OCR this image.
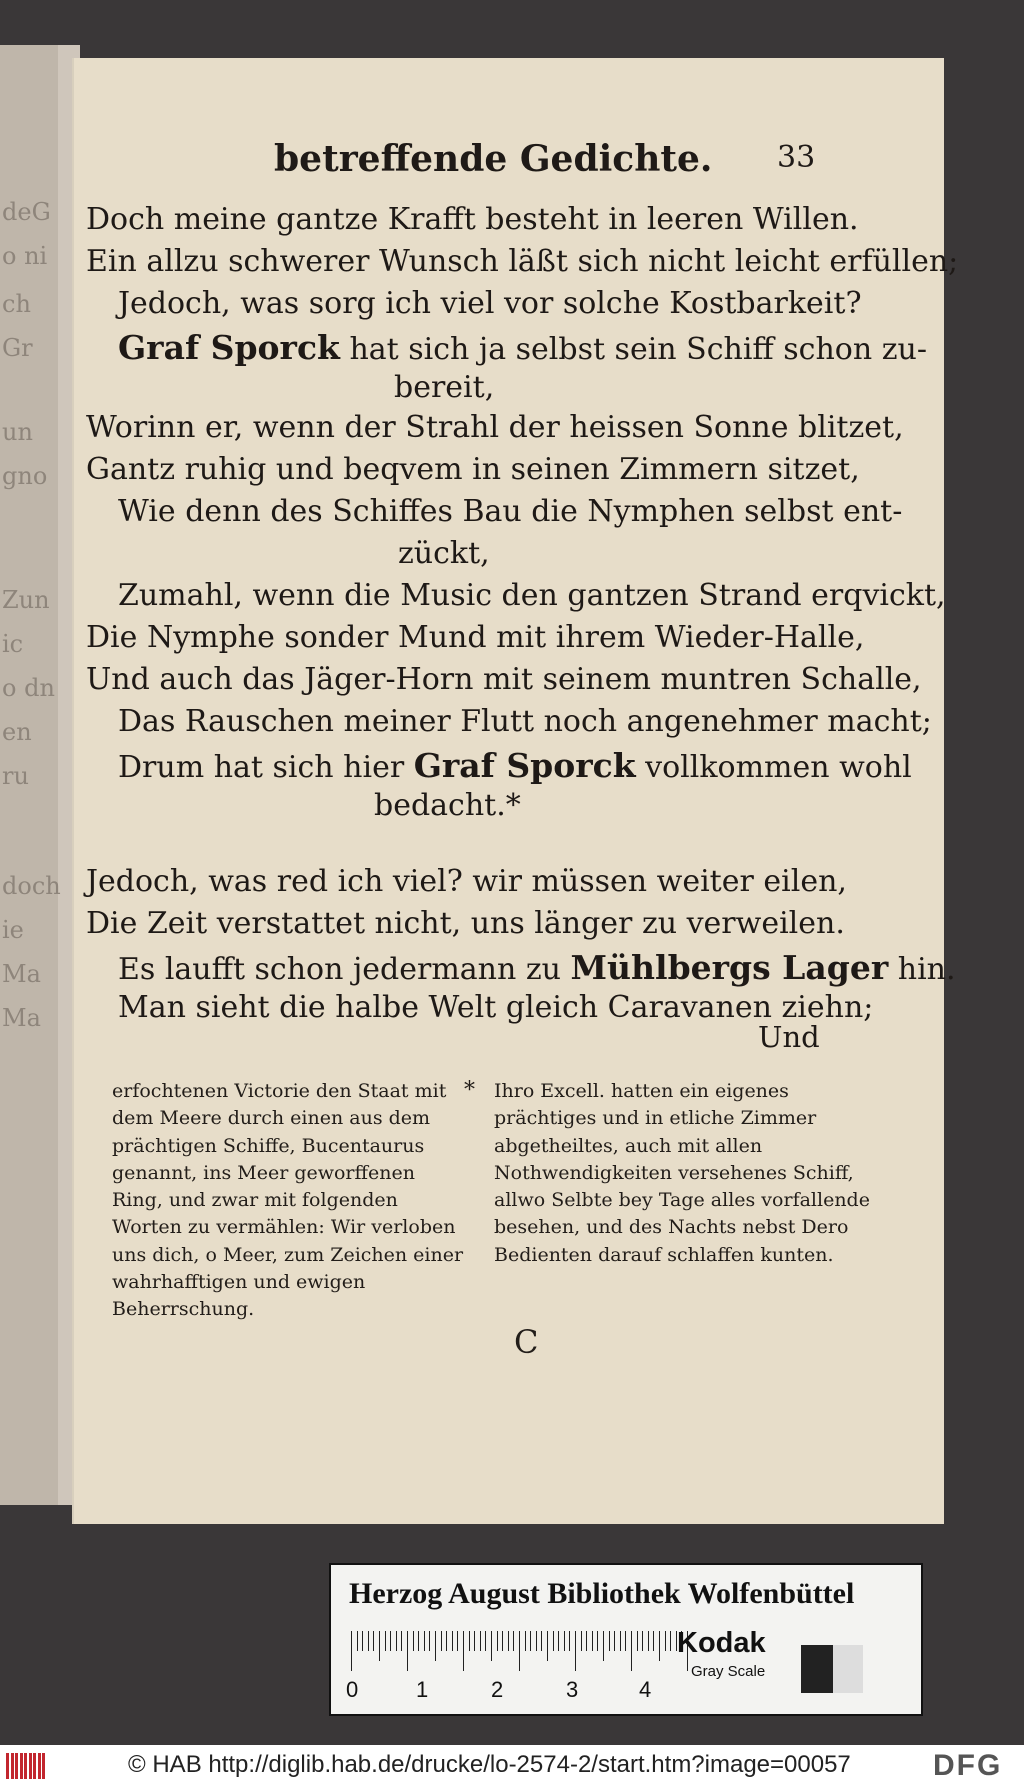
deG
o ni
ch
Gr
un
gno
Zun
ic
o dn
en
ru
doch
ie
Ma
Ma
betreffende Gedichte. 33
Doch meine gantze Krafft besteht in leeren Willen.
Ein allzu schwerer Wunsch läßt sich nicht leicht erfüllen;
Jedoch, was sorg ich viel vor solche Kostbarkeit?
Graf Sporck hat sich ja selbst sein Schiff schon zu-
bereit,
Worinn er, wenn der Strahl der heissen Sonne blitzet,
Gantz ruhig und beqvem in seinen Zimmern sitzet,
Wie denn des Schiffes Bau die Nymphen selbst ent-
zückt,
Zumahl, wenn die Music den gantzen Strand erqvickt,
Die Nymphe sonder Mund mit ihrem Wieder-Halle,
Und auch das Jäger-Horn mit seinem muntren Schalle,
Das Rauschen meiner Flutt noch angenehmer macht;
Drum hat sich hier Graf Sporck vollkommen wohl
bedacht.*
Jedoch, was red ich viel? wir müssen weiter eilen,
Die Zeit verstattet nicht, uns länger zu verweilen.
Es laufft schon jedermann zu Mühlbergs Lager hin.
Man sieht die halbe Welt gleich Caravanen ziehn;
Und
erfochtenen Victorie den Staat mit dem Meere durch einen aus dem prächtigen Schiffe, Bucentaurus genannt, ins Meer geworffenen Ring, und zwar mit folgenden Worten zu vermählen: Wir verloben uns dich, o Meer, zum Zeichen einer wahrhafftigen und ewigen Beherrschung.
* Ihro Excell. hatten ein eigenes prächtiges und in etliche Zimmer abgetheiltes, auch mit allen Nothwendigkeiten versehenes Schiff, allwo Selbte bey Tage alles vorfallende besehen, und des Nachts nebst Dero Bedienten darauf schlaffen kunten.
C
Herzog August Bibliothek Wolfenbüttel
0	1	2	3	4
Kodak
Gray Scale
© HAB http://diglib.hab.de/drucke/lo-2574-2/start.htm?image=00057	DFG
